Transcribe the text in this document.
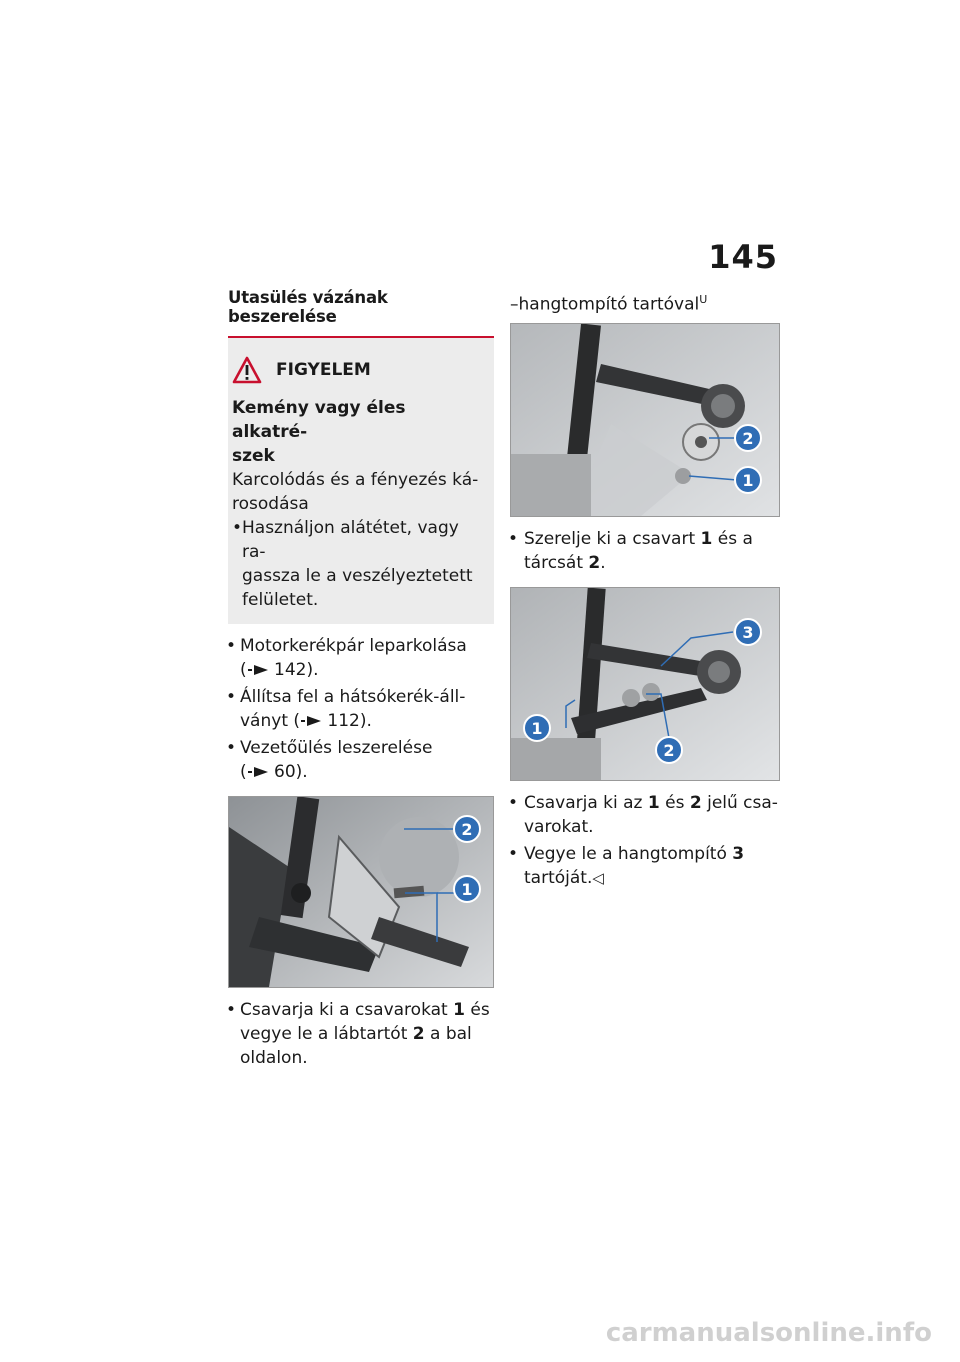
145
Utasülés vázának beszerelése
FIGYELEM
Kemény vagy éles alkatré-
szek
Karcolódás és a fényezés ká-
rosodása
• Használjon alátétet, vagy ra-
gassza le a veszélyeztetett
felületet.
• Motorkerékpár leparkolása
( 142).
• Állítsa fel a hátsókerék-áll-
ványt ( 112).
• Vezetőülés leszerelése
( 60).
2
1
• Csavarja ki a csavarokat 1 és
vegye le a lábtartót 2 a bal
oldalon.

–hangtompító tartóval$^U$

2
1
• Szerelje ki a csavart 1 és a
tárcsát 2.
3
1
2
• Csavarja ki az 1 és 2 jelű csa-
varokat.
• Vegye le a hangtompító 3
tartóját.◁
carmanualsonline.info
